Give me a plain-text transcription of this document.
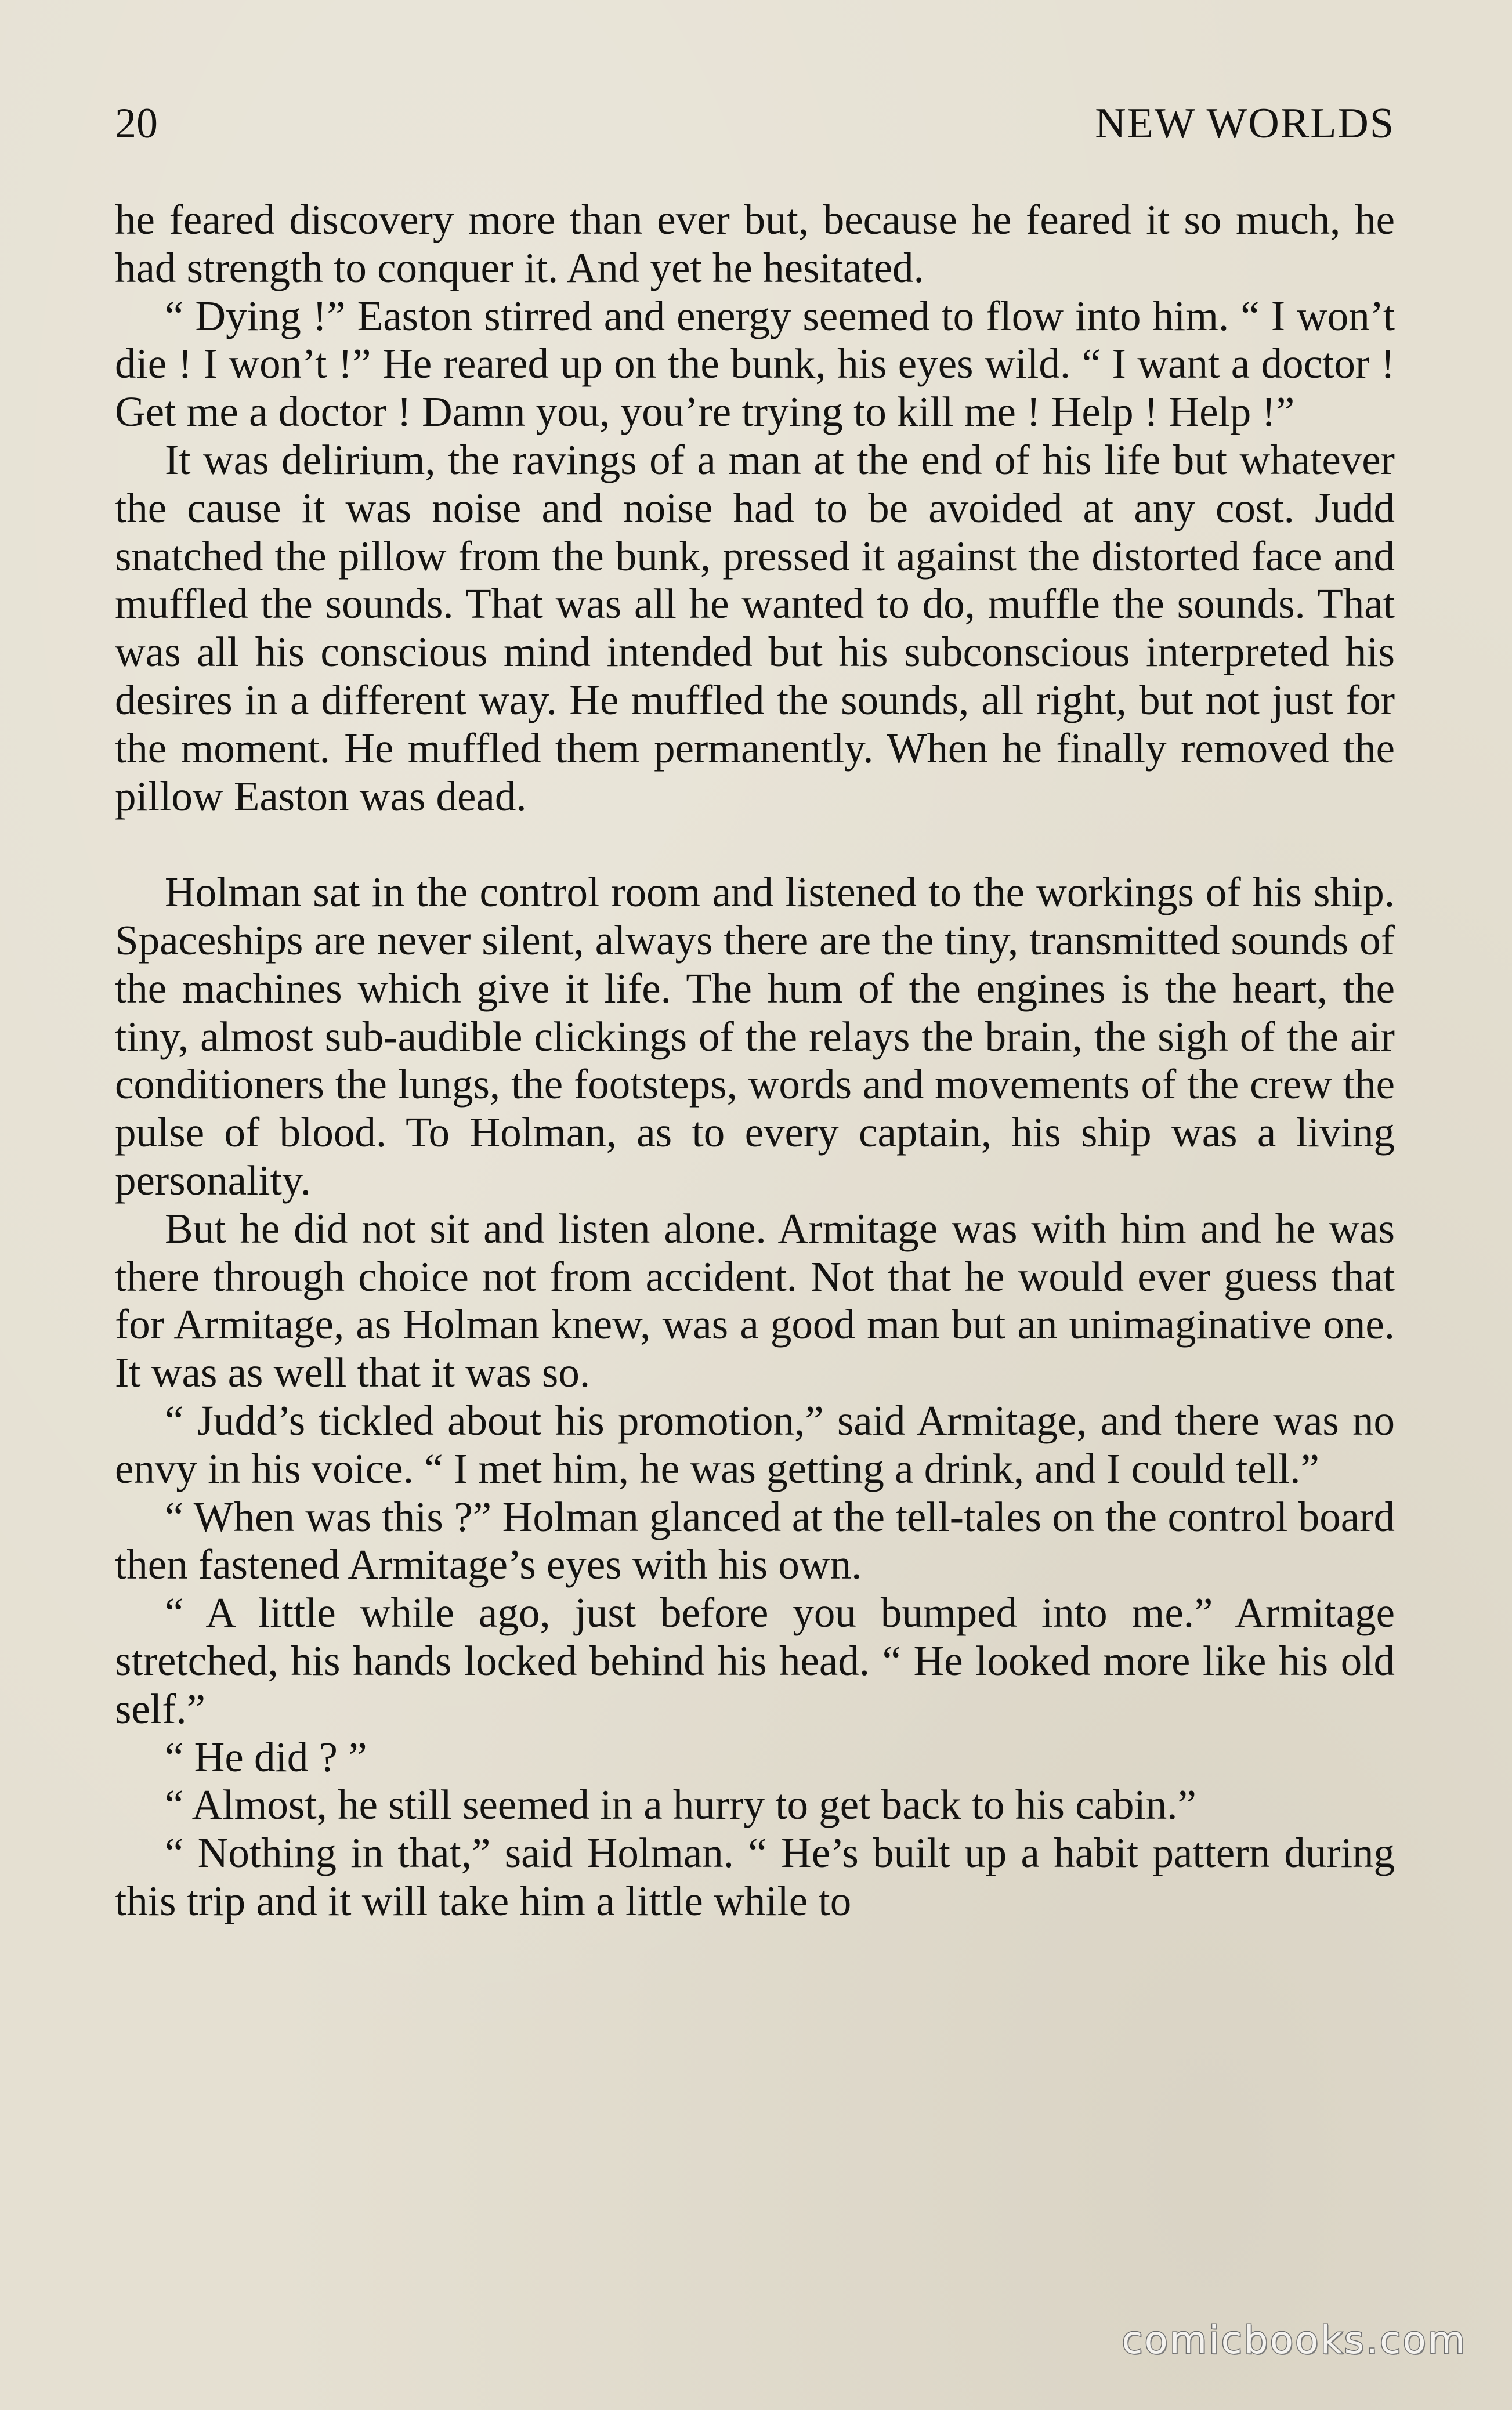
20	NEW WORLDS

he feared discovery more than ever but, because he feared it so much, he had strength to conquer it. And yet he hesitated.

“ Dying !” Easton stirred and energy seemed to flow into him. “ I won’t die ! I won’t !” He reared up on the bunk, his eyes wild. “ I want a doctor ! Get me a doctor ! Damn you, you’re trying to kill me ! Help ! Help !”

It was delirium, the ravings of a man at the end of his life but whatever the cause it was noise and noise had to be avoided at any cost. Judd snatched the pillow from the bunk, pressed it against the distorted face and muffled the sounds. That was all he wanted to do, muffle the sounds. That was all his conscious mind intended but his subconscious interpreted his desires in a different way. He muffled the sounds, all right, but not just for the moment. He muffled them permanently. When he finally removed the pillow Easton was dead.

Holman sat in the control room and listened to the workings of his ship. Spaceships are never silent, always there are the tiny, transmitted sounds of the machines which give it life. The hum of the engines is the heart, the tiny, almost sub-audible clickings of the relays the brain, the sigh of the air conditioners the lungs, the footsteps, words and movements of the crew the pulse of blood. To Holman, as to every captain, his ship was a living personality.

But he did not sit and listen alone. Armitage was with him and he was there through choice not from accident. Not that he would ever guess that for Armitage, as Holman knew, was a good man but an unimaginative one. It was as well that it was so.

“ Judd’s tickled about his promotion,” said Armitage, and there was no envy in his voice. “ I met him, he was getting a drink, and I could tell.”

“ When was this ?” Holman glanced at the tell-tales on the control board then fastened Armitage’s eyes with his own.

“ A little while ago, just before you bumped into me.” Armitage stretched, his hands locked behind his head. “ He looked more like his old self.”

“ He did ? ”

“ Almost, he still seemed in a hurry to get back to his cabin.”

“ Nothing in that,” said Holman. “ He’s built up a habit pattern during this trip and it will take him a little while to

comicbooks.com
